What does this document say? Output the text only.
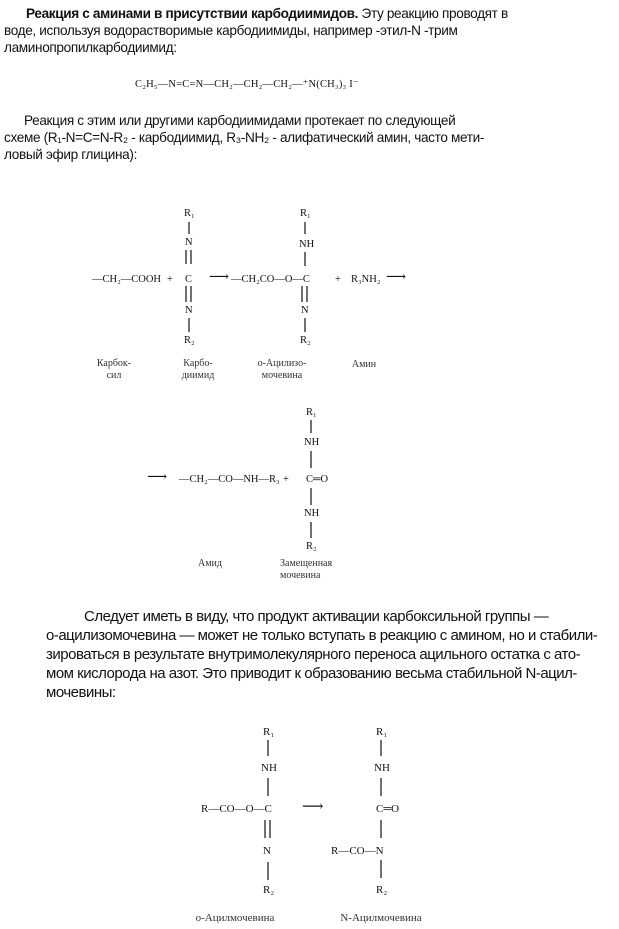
Реакция с аминами в присутствии карбодиимидов. Эту реакцию проводят в
воде, используя водорастворимые карбодиимиды, например -этил-N -трим
ламинопропилкарбодиимид:
C₂H₅—N=C=N—CH₂—CH₂—CH₂—⁺N(CH₃)₃ I⁻
Реакция с этим или другими карбодиимидами протекает по следующей
схеме (R₁-N=C=N-R₂ - карбодиимид, R₃-NH₂ - алифатический амин, часто мети-
ловый эфир глицина):
—CH₂—COOH +
R₁
N
C
N
R₂
⟶ —CH₂CO—O—C
R₁
NH
N
R₂
+ R₃NH₂ ⟶
Карбок-
сил
Карбо-
диимид
о-Ацилизо-
мочевина
Амин
⟶ —CH₂—CO—NH—R₃ +
R₁
NH
C═O
NH
R₂
Амид	Замещенная
мочевина
Следует иметь в виду, что продукт активации карбоксильной группы —
о-ацилизомочевина — может не только вступать в реакцию с амином, но и стабили-
зироваться в результате внутримолекулярного переноса ацильного остатка с ато-
мом кислорода на азот. Это приводит к образованию весьма стабильной N-ацил-
мочевины:
R₁
NH
R—CO—O—C
N
R₂
⟶
R₁
NH
C═O
R—CO—N
R₂
о-Ацилмочевина	N-Ацилмочевина
